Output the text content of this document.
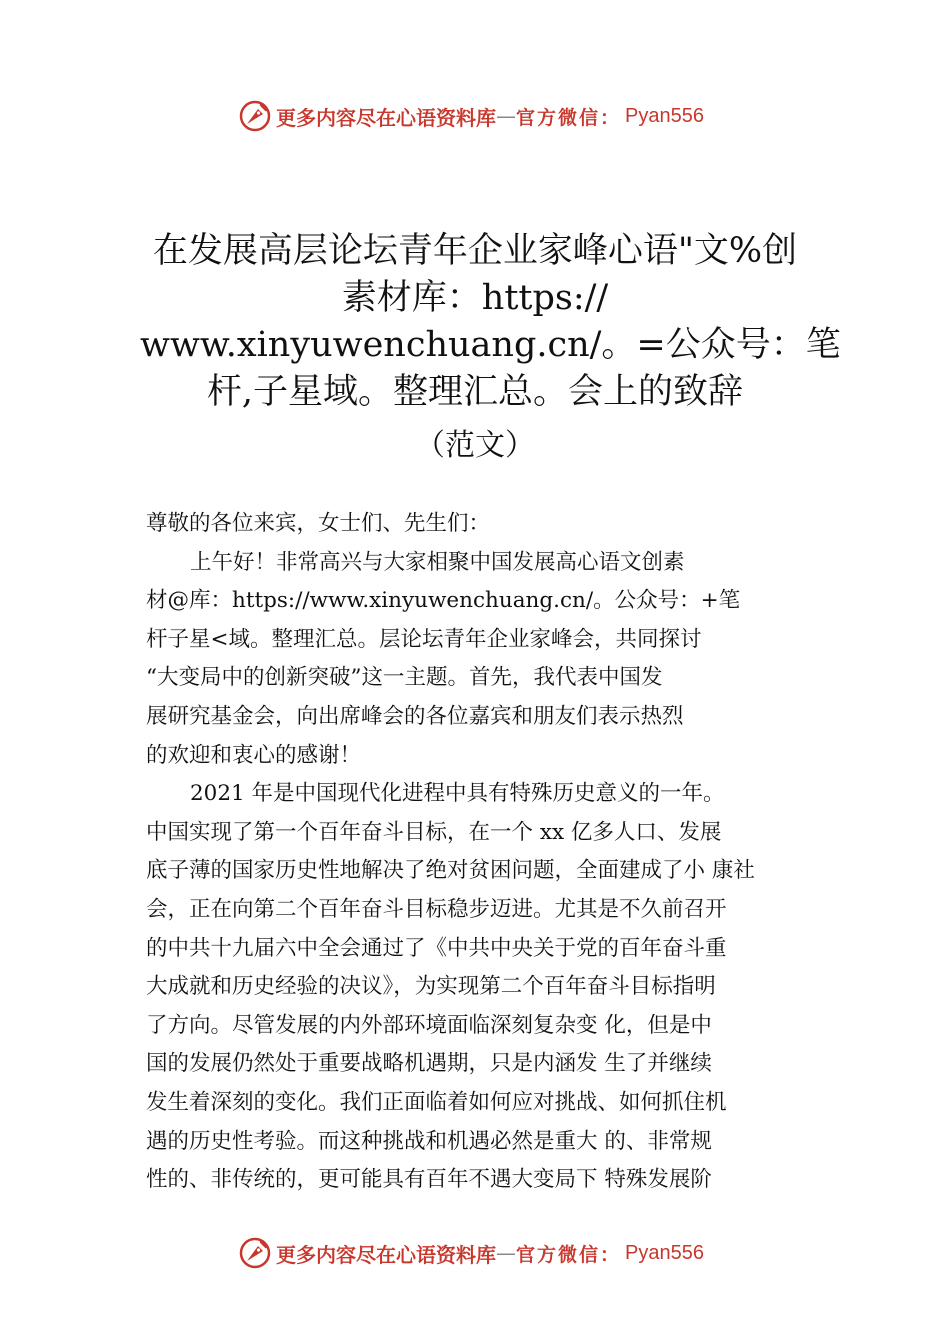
更多内容尽在心语资料库 — 官方微信： Pyan556
在发展高层论坛青年企业家峰心语"文%创
素材库：https://
www.xinyuwenchuang.cn/。=公众号：笔
杆,子星域。整理汇总。会上的致辞
（范文）
尊敬的各位来宾，女士们、先生们：
上午好！非常高兴与大家相聚中国发展高心语文创素
材@库：https://www.xinyuwenchuang.cn/。公众号：+笔
杆子星<域。整理汇总。层论坛青年企业家峰会，共同探讨
“大变局中的创新突破”这一主题。首先，我代表中国发
展研究基金会，向出席峰会的各位嘉宾和朋友们表示热烈
的欢迎和衷心的感谢！
2021 年是中国现代化进程中具有特殊历史意义的一年。
中国实现了第一个百年奋斗目标，在一个 xx 亿多人口、发展
底子薄的国家历史性地解决了绝对贫困问题，全面建成了小 康社
会，正在向第二个百年奋斗目标稳步迈进。尤其是不久前召开
的中共十九届六中全会通过了《中共中央关于党的百年奋斗重
大成就和历史经验的决议》，为实现第二个百年奋斗目标指明
了方向。尽管发展的内外部环境面临深刻复杂变 化，但是中
国的发展仍然处于重要战略机遇期，只是内涵发 生了并继续
发生着深刻的变化。我们正面临着如何应对挑战、如何抓住机
遇的历史性考验。而这种挑战和机遇必然是重大 的、非常规
性的、非传统的，更可能具有百年不遇大变局下 特殊发展阶
更多内容尽在心语资料库 — 官方微信： Pyan556
